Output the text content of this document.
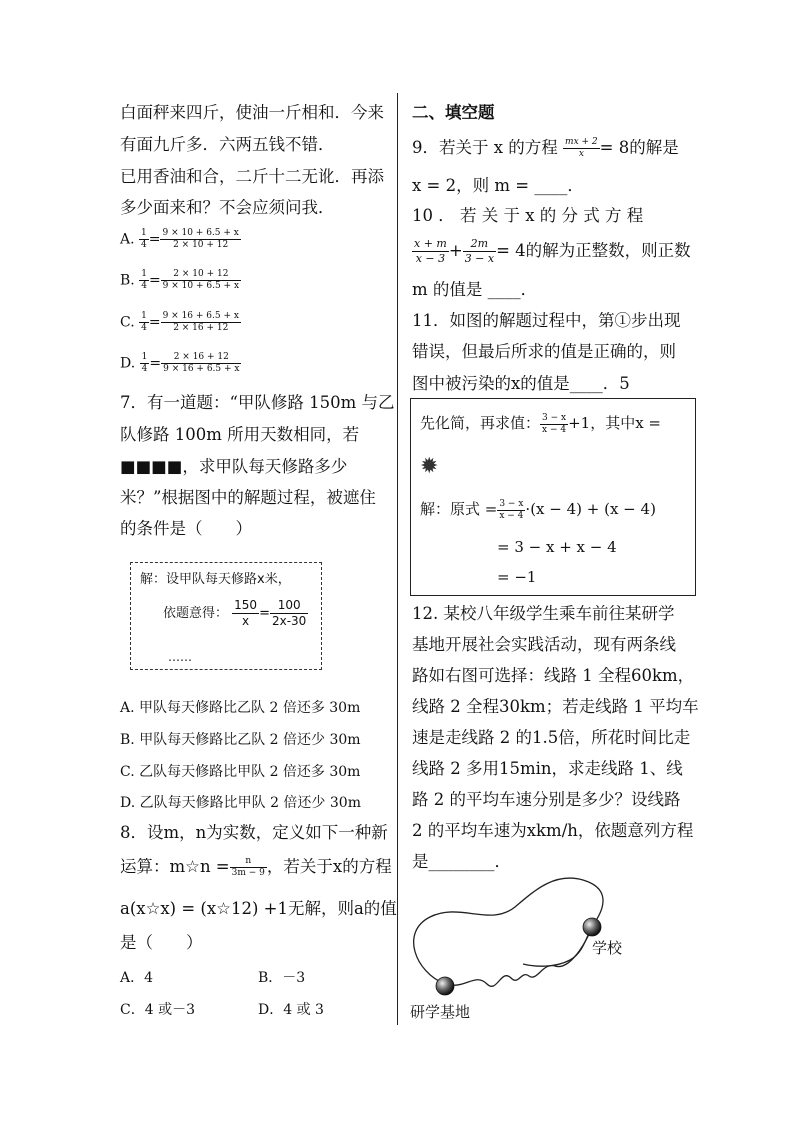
白面秤来四斤，使油一斤相和．今来
有面九斤多．六两五钱不错．
已用香油和合，二斤十二无讹．再添
多少面来和？不会应须问我．
A. $\frac{1}{4} = \frac{9 \times 10 + 6.5 + x}{2 \times 10 + 12}$
B. $\frac{1}{4} = \frac{2 \times 10 + 12}{9 \times 10 + 6.5 + x}$
C. $\frac{1}{4} = \frac{9 \times 16 + 6.5 + x}{2 \times 16 + 12}$
D. $\frac{1}{4} = \frac{2 \times 16 + 12}{9 \times 16 + 6.5 + x}$
7．有一道题：“甲队修路 150m 与乙
队修路 100m 所用天数相同，若
■■■■，求甲队每天修路多少
米？”根据图中的解题过程，被遮住
的条件是（　　）
解：设甲队每天修路x米，
依题意得： $\frac{150}{x} = \frac{100}{2x-30}$
……
A. 甲队每天修路比乙队 2 倍还多 30m
B. 甲队每天修路比乙队 2 倍还少 30m
C. 乙队每天修路比甲队 2 倍还多 30m
D. 乙队每天修路比甲队 2 倍还少 30m
8．设m，n为实数，定义如下一种新
运算：m☆n = $\frac{n}{3m - 9}$ ，若关于x的方程
a(x☆x) = (x☆12) +1无解，则a的值
是（　　）
A．4	B．－3
C．4 或－3	D．4 或 3
二、填空题
9．若关于 x 的方程 $\frac{mx + 2}{x} = 8$的解是
x = 2，则 m = ____．
10 ． 若 关 于 x 的 分 式 方 程
$\frac{x + m}{x - 3} + \frac{2m}{3 - x} = 4$的解为正整数，则正数
m 的值是 ____．
11．如图的解题过程中，第①步出现
错误，但最后所求的值是正确的，则
图中被污染的x的值是____．5
先化简，再求值： $\frac{3 - x}{x - 4} +1$，其中x =
✹
解：原式 = $\frac{3 - x}{x - 4} \cdot(x - 4) + (x - 4)$
= 3 − x + x − 4
= −1
12. 某校八年级学生乘车前往某研学
基地开展社会实践活动，现有两条线
路如右图可选择：线路 1 全程60km，
线路 2 全程30km；若走线路 1 平均车
速是走线路 2 的1.5倍，所花时间比走
线路 2 多用15min，求走线路 1、线
路 2 的平均车速分别是多少？设线路
2 的平均车速为xkm/h，依题意列方程
是________．
学校
研学基地
